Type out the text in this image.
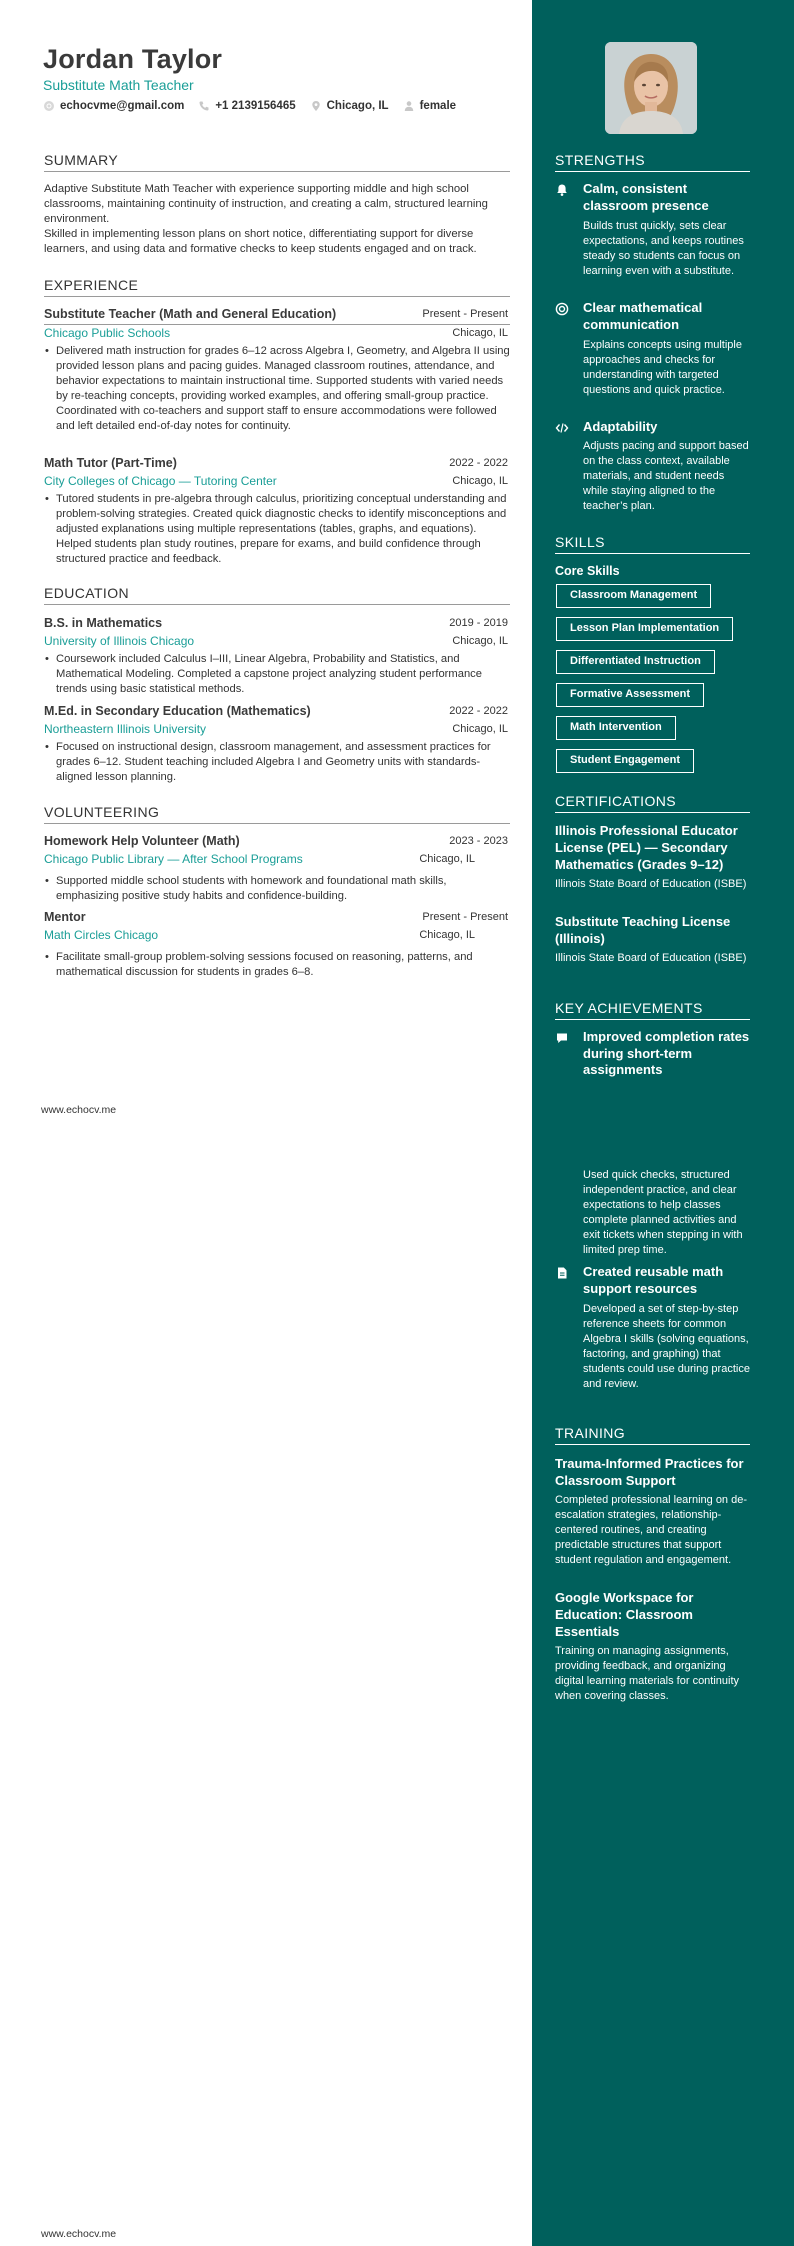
Jordan Taylor
Substitute Math Teacher
echocvme@gmail.com	+1 2139156465	Chicago, IL	female
SUMMARY
Adaptive Substitute Math Teacher with experience supporting middle and high school classrooms, maintaining continuity of instruction, and creating a calm, structured learning environment.
Skilled in implementing lesson plans on short notice, differentiating support for diverse learners, and using data and formative checks to keep students engaged and on track.
EXPERIENCE
Substitute Teacher (Math and General Education)	Present - Present
Chicago Public Schools	Chicago, IL
• Delivered math instruction for grades 6–12 across Algebra I, Geometry, and Algebra II using provided lesson plans and pacing guides. Managed classroom routines, attendance, and behavior expectations to maintain instructional time. Supported students with varied needs by re-teaching concepts, providing worked examples, and offering small-group practice. Coordinated with co-teachers and support staff to ensure accommodations were followed and left detailed end-of-day notes for continuity.
Math Tutor (Part-Time)	2022 - 2022
City Colleges of Chicago — Tutoring Center	Chicago, IL
• Tutored students in pre-algebra through calculus, prioritizing conceptual understanding and problem-solving strategies. Created quick diagnostic checks to identify misconceptions and adjusted explanations using multiple representations (tables, graphs, and equations). Helped students plan study routines, prepare for exams, and build confidence through structured practice and feedback.
EDUCATION
B.S. in Mathematics	2019 - 2019
University of Illinois Chicago	Chicago, IL
• Coursework included Calculus I–III, Linear Algebra, Probability and Statistics, and Mathematical Modeling. Completed a capstone project analyzing student performance trends using basic statistical methods.
M.Ed. in Secondary Education (Mathematics)	2022 - 2022
Northeastern Illinois University	Chicago, IL
• Focused on instructional design, classroom management, and assessment practices for grades 6–12. Student teaching included Algebra I and Geometry units with standards-aligned lesson planning.
VOLUNTEERING
Homework Help Volunteer (Math)	2023 - 2023
Chicago Public Library — After School Programs	Chicago, IL
• Supported middle school students with homework and foundational math skills, emphasizing positive study habits and confidence-building.
Mentor	Present - Present
Math Circles Chicago	Chicago, IL
• Facilitate small-group problem-solving sessions focused on reasoning, patterns, and mathematical discussion for students in grades 6–8.
www.echocv.me
www.echocv.me
STRENGTHS
Calm, consistent classroom presence
Builds trust quickly, sets clear expectations, and keeps routines steady so students can focus on learning even with a substitute.
Clear mathematical communication
Explains concepts using multiple approaches and checks for understanding with targeted questions and quick practice.
Adaptability
Adjusts pacing and support based on the class context, available materials, and student needs while staying aligned to the teacher’s plan.
SKILLS
Core Skills
Classroom Management
Lesson Plan Implementation
Differentiated Instruction
Formative Assessment
Math Intervention
Student Engagement
CERTIFICATIONS
Illinois Professional Educator License (PEL) — Secondary Mathematics (Grades 9–12)
Illinois State Board of Education (ISBE)
Substitute Teaching License (Illinois)
Illinois State Board of Education (ISBE)
KEY ACHIEVEMENTS
Improved completion rates during short-term assignments
Used quick checks, structured independent practice, and clear expectations to help classes complete planned activities and exit tickets when stepping in with limited prep time.
Created reusable math support resources
Developed a set of step-by-step reference sheets for common Algebra I skills (solving equations, factoring, and graphing) that students could use during practice and review.
TRAINING
Trauma-Informed Practices for Classroom Support
Completed professional learning on de-escalation strategies, relationship-centered routines, and creating predictable structures that support student regulation and engagement.
Google Workspace for Education: Classroom Essentials
Training on managing assignments, providing feedback, and organizing digital learning materials for continuity when covering classes.
